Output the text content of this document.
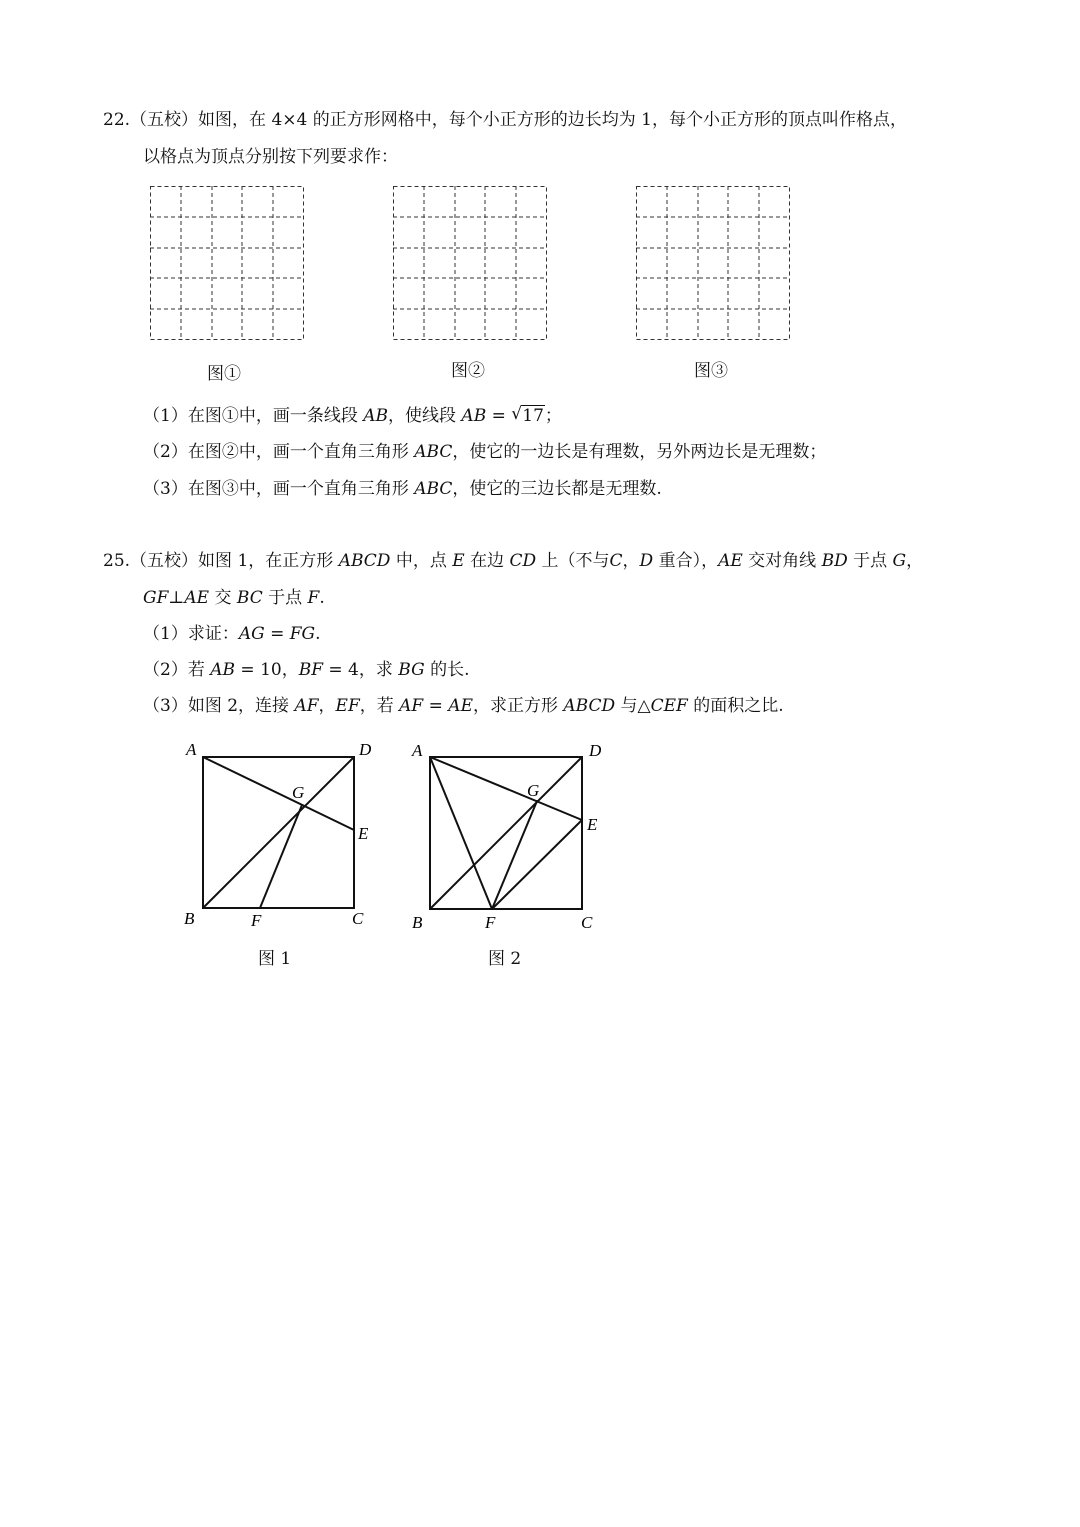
22.（五校）如图，在 4×4 的正方形网格中，每个小正方形的边长均为 1，每个小正方形的顶点叫作格点，
以格点为顶点分别按下列要求作：
图①	图②	图③
（1）在图①中，画一条线段 AB，使线段 AB = √ 17；
（2）在图②中，画一个直角三角形 ABC，使它的一边长是有理数，另外两边长是无理数；
（3）在图③中，画一个直角三角形 ABC，使它的三边长都是无理数.
25.（五校）如图 1，在正方形 ABCD 中，点 E 在边 CD 上（不与C，D 重合），AE 交对角线 BD 于点 G，
GF⊥AE 交 BC 于点 F.
（1）求证：AG = FG.
（2）若 AB = 10，BF = 4，求 BG 的长.
（3）如图 2，连接 AF，EF，若 AF = AE，求正方形 ABCD 与△CEF 的面积之比.
A
B	C
D
E
F
G
A
B	C
D
E
F
G
图 1	图 2
